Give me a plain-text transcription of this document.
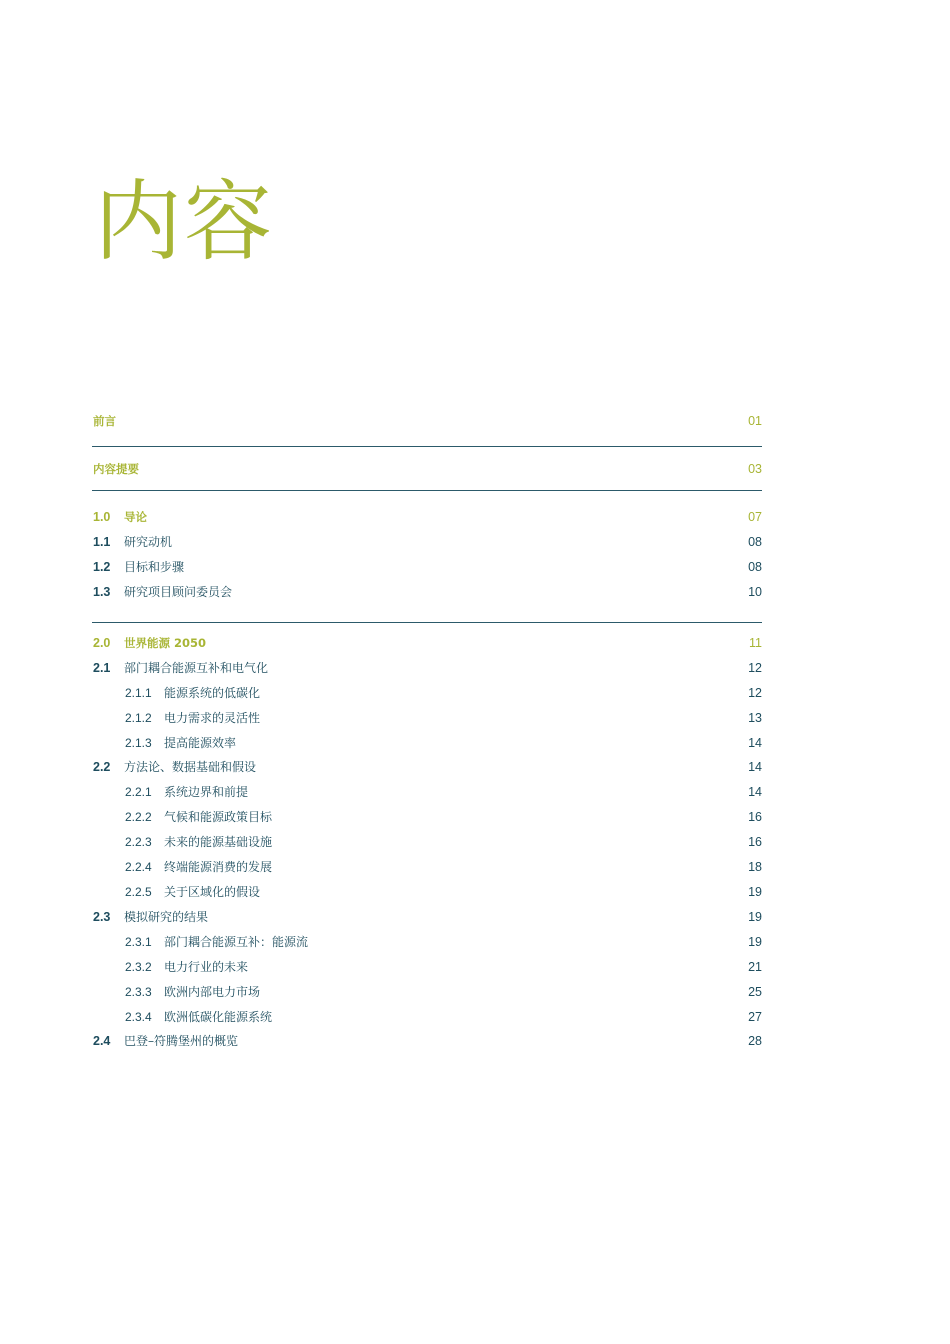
内容
前言	01
内容提要	03
1.0 导论	07
1.1 研究动机	08
1.2 目标和步骤	08
1.3 研究项目顾问委员会	10
2.0 世界能源 2050	11
2.1 部门耦合能源互补和电气化	12
2.1.1 能源系统的低碳化	12
2.1.2 电力需求的灵活性	13
2.1.3 提高能源效率	14
2.2 方法论、数据基础和假设	14
2.2.1 系统边界和前提	14
2.2.2 气候和能源政策目标	16
2.2.3 未来的能源基础设施	16
2.2.4 终端能源消费的发展	18
2.2.5 关于区域化的假设	19
2.3 模拟研究的结果	19
2.3.1 部门耦合能源互补：能源流	19
2.3.2 电力行业的未来	21
2.3.3 欧洲内部电力市场	25
2.3.4 欧洲低碳化能源系统	27
2.4 巴登–符腾堡州的概览	28
